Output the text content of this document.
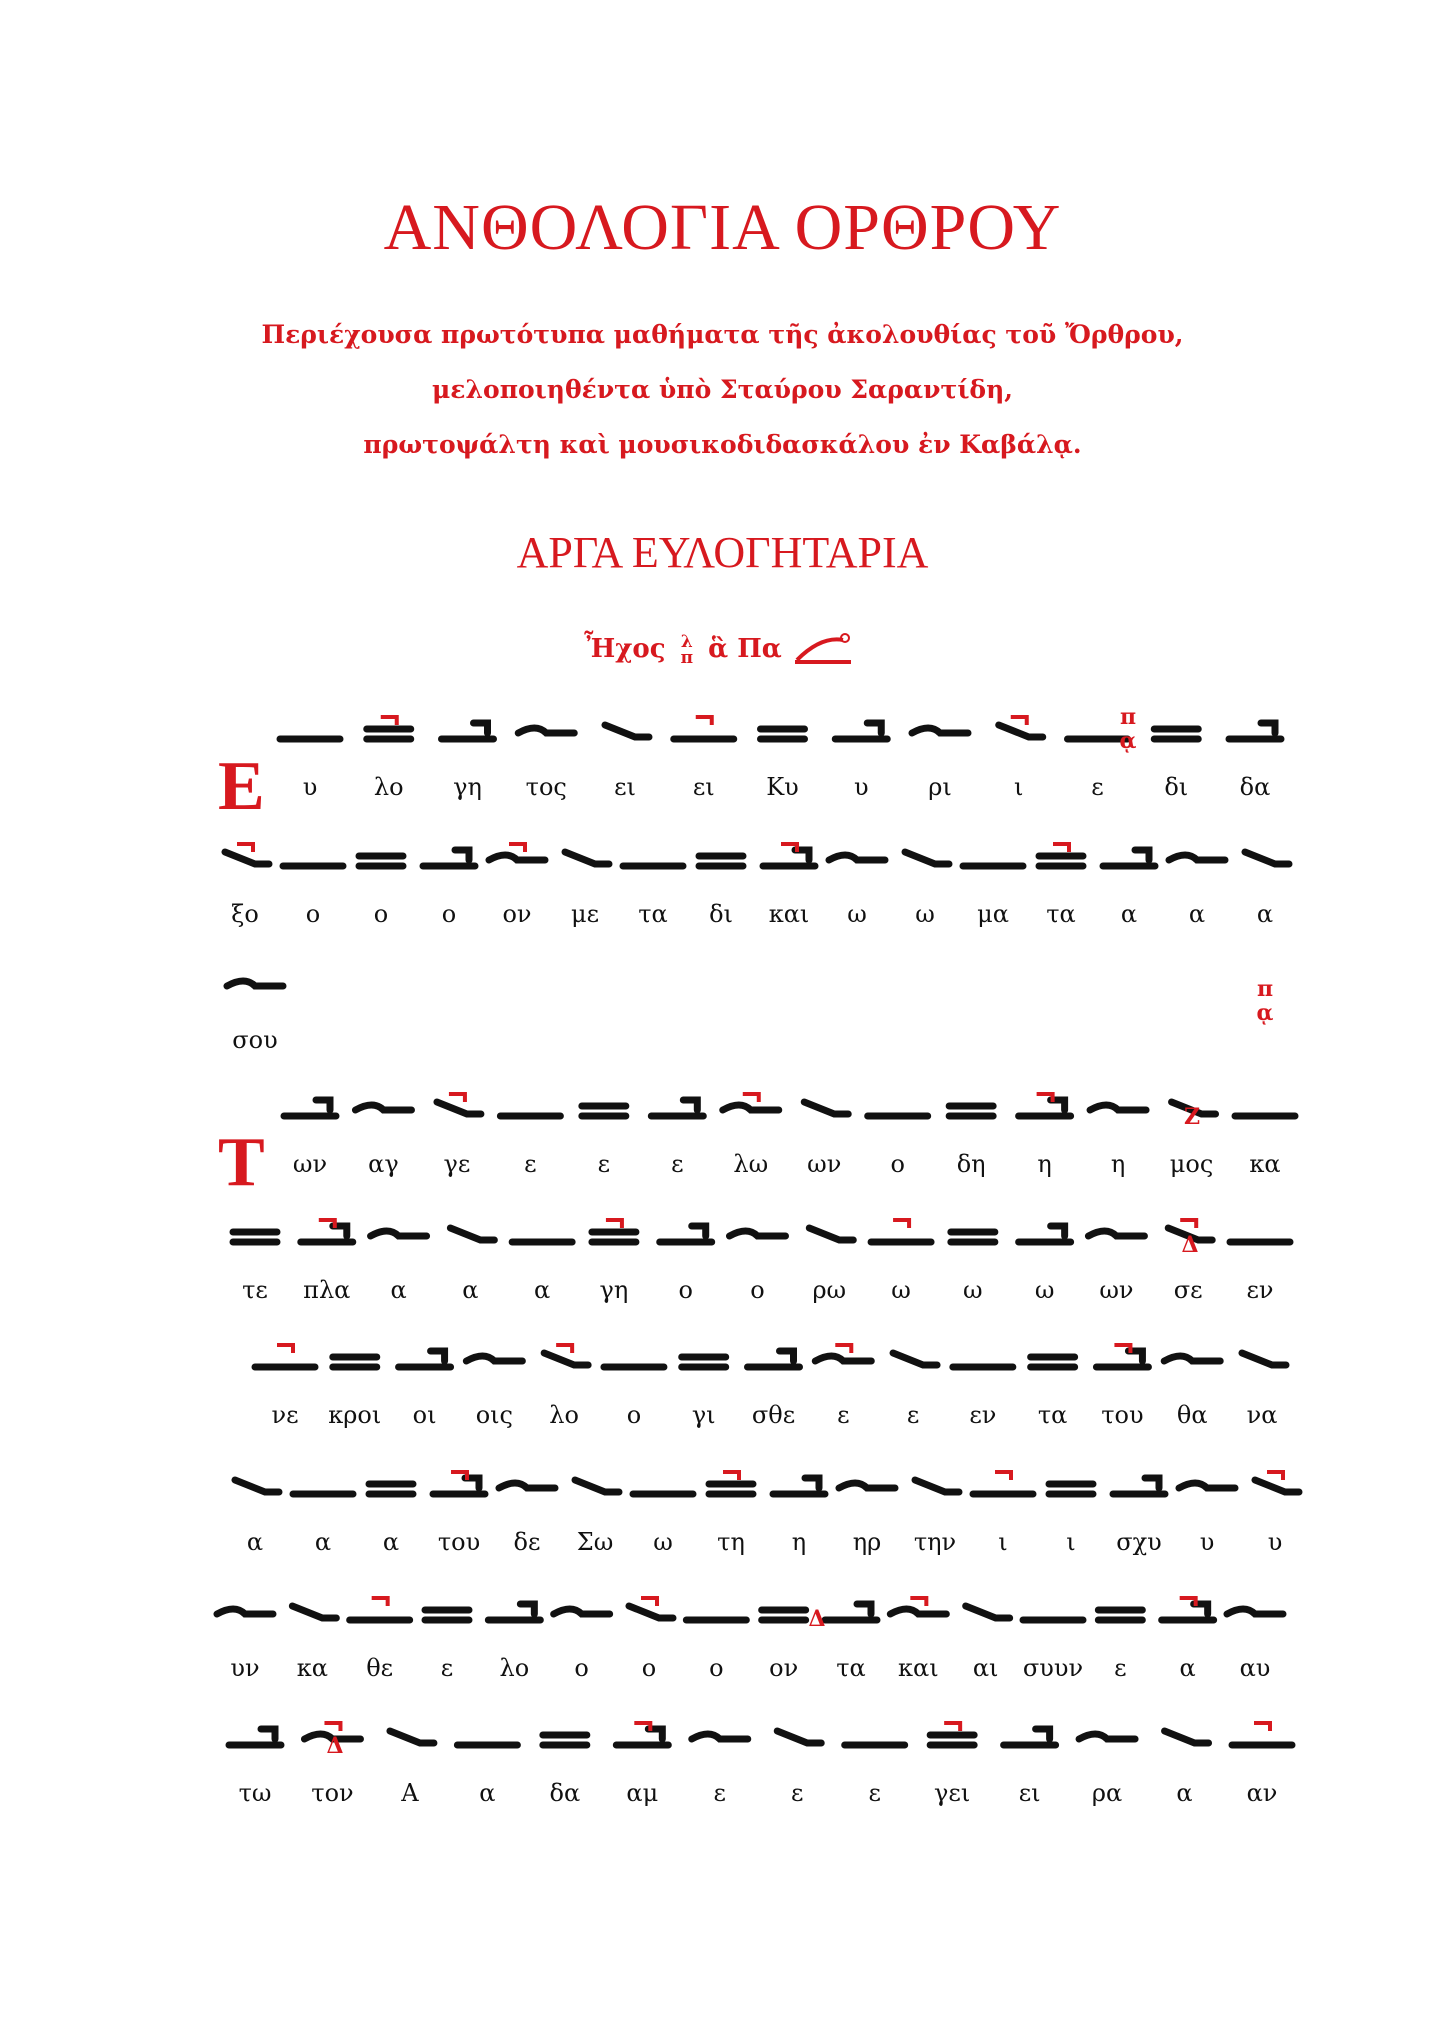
ΑΝΘΟΛΟΓΙΑ ΟΡΘΡΟΥ
Περιέχουσα πρωτότυπα μαθήματα τῆς ἀκολουθίας τοῦ Ὄρθρου,
μελοποιηθέντα ὑπὸ Σταύρου Σαραντίδη,
πρωτοψάλτη καὶ μουσικοδιδασκάλου ἐν Καβάλᾳ.
ΑΡΓΑ ΕΥΛΟΓΗΤΑΡΙΑ
Ἦχος λ
π ἃ Πα
υ λο γη τος ει ει Κυ υ ρι	ι	ε	δι δα
ξο ο ο ο ον με τα δι και ω ω μα τα α α α
σου
ων αγ γε ε	ε	ε λω ων ο δη η η μος κα
τε πλα α α α γη ο ο ρω ω ω ω ων σε εν
νε κροι οι οις λο ο γι σθε ε ε εν τα του θα να
α α α του δε Σω ω τη η ηρ την ι ι σχυ υ υ
υν κα θε ε λο ο ο ο ον τα και αι συυν ε α αυ
τω τον Α	α δα αμ ε	ε	ε γει ει ρα α αν
π
ᾳ
π
ᾳ
Ζ
Δ
Δ
Δ
Ε
Τ
